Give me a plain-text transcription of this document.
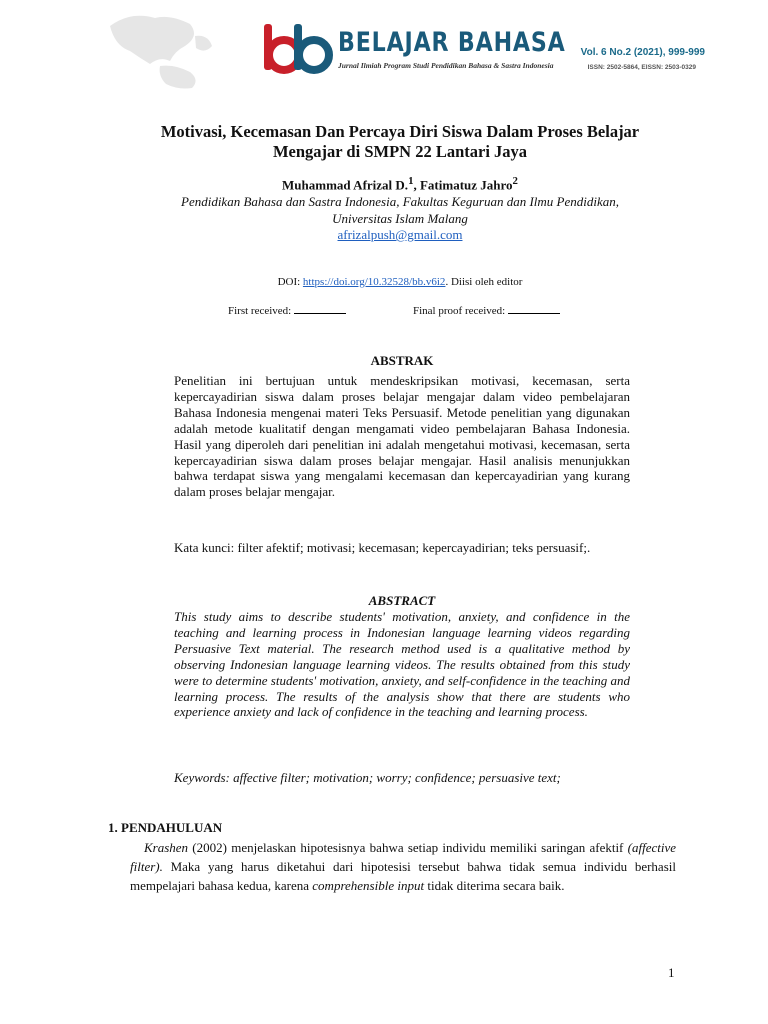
BELAJAR BAHASA
Jurnal Ilmiah Program Studi Pendidikan Bahasa & Sastra Indonesia
Vol. 6 No.2 (2021), 999-999
ISSN: 2502-5864, EISSN: 2503-0329
Motivasi, Kecemasan Dan Percaya Diri Siswa Dalam Proses Belajar
Mengajar di SMPN 22 Lantari Jaya
Muhammad Afrizal D.$^1$, Fatimatuz Jahro$^2$
Pendidikan Bahasa dan Sastra Indonesia, Fakultas Keguruan dan Ilmu Pendidikan,
Universitas Islam Malang
afrizalpush@gmail.com
DOI: https://doi.org/10.32528/bb.v6i2. Diisi oleh editor
First received:	Final proof received:
ABSTRAK
Penelitian ini bertujuan untuk mendeskripsikan motivasi, kecemasan, serta kepercayadirian siswa dalam proses belajar mengajar dalam video pembelajaran Bahasa Indonesia mengenai materi Teks Persuasif. Metode penelitian yang digunakan adalah metode kualitatif dengan mengamati video pembelajaran Bahasa Indonesia. Hasil yang diperoleh dari penelitian ini adalah mengetahui motivasi, kecemasan, serta kepercayadirian siswa dalam proses belajar mengajar. Hasil analisis menunjukkan bahwa terdapat siswa yang mengalami kecemasan dan kepercayadirian yang kurang dalam proses belajar mengajar.
Kata kunci: filter afektif; motivasi; kecemasan; kepercayadirian; teks persuasif;.
ABSTRACT
This study aims to describe students' motivation, anxiety, and confidence in the teaching and learning process in Indonesian language learning videos regarding Persuasive Text material. The research method used is a qualitative method by observing Indonesian language learning videos. The results obtained from this study were to determine students' motivation, anxiety, and self-confidence in the teaching and learning process. The results of the analysis show that there are students who experience anxiety and lack of confidence in the teaching and learning process.
Keywords: affective filter; motivation; worry; confidence; persuasive text;
1. PENDAHULUAN

Krashen (2002) menjelaskan hipotesisnya bahwa setiap individu memiliki saringan afektif (affective filter). Maka yang harus diketahui dari hipotesisi tersebut bahwa tidak semua individu berhasil mempelajari bahasa kedua, karena comprehensible input tidak diterima secara baik.

1
